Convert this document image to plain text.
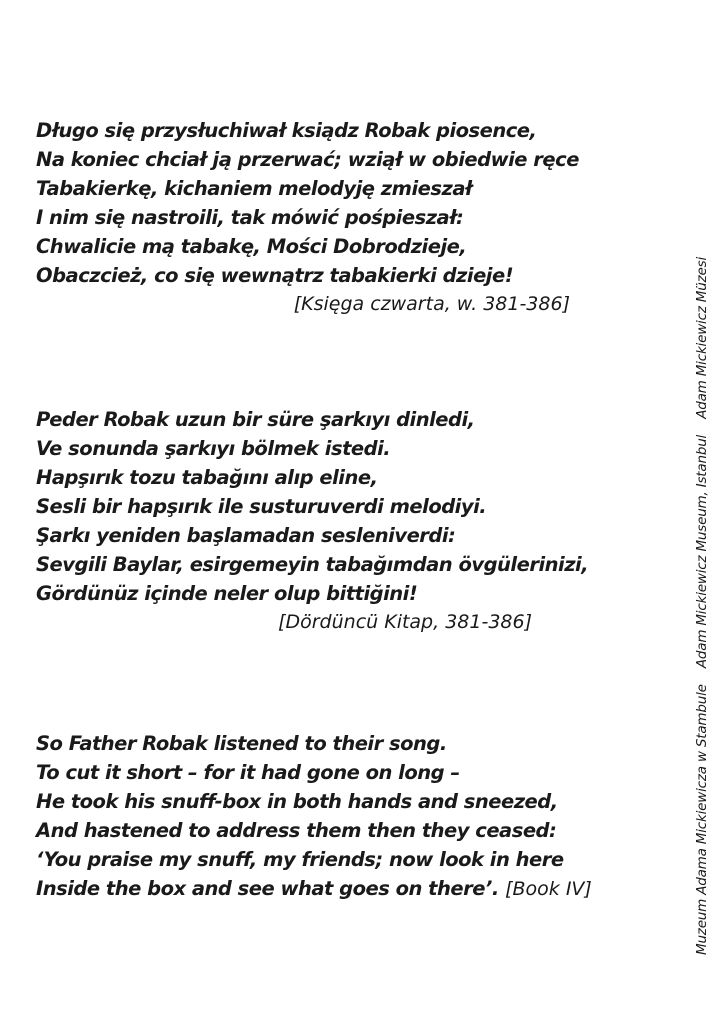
Długo się przysłuchiwał ksiądz Robak piosence,
Na koniec chciał ją przerwać; wziął w obiedwie ręce
Tabakierkę, kichaniem melodyję zmieszał
I nim się nastroili, tak mówić pośpieszał:
Chwalicie mą tabakę, Mości Dobrodzieje,
Obaczcież, co się wewnątrz tabakierki dzieje!
[Księga czwarta, w. 381-386]
Peder Robak uzun bir süre şarkıyı dinledi,
Ve sonunda şarkıyı bölmek istedi.
Hapşırık tozu tabağını alıp eline,
Sesli bir hapşırık ile susturuverdi melodiyi.
Şarkı yeniden başlamadan sesleniverdi:
Sevgili Baylar, esirgemeyin tabağımdan övgülerinizi,
Gördünüz içinde neler olup bittiğini!
[Dördüncü Kitap, 381-386]
So Father Robak listened to their song.
To cut it short – for it had gone on long –
He took his snuff-box in both hands and sneezed,
And hastened to address them then they ceased:
‘You praise my snuff, my friends; now look in here
Inside the box and see what goes on there’. [Book IV]	Muzeum Adama Mickiewicza w Stambule Adam Mickiewicz Museum, Istanbul Adam Mickiewicz Müzesi
